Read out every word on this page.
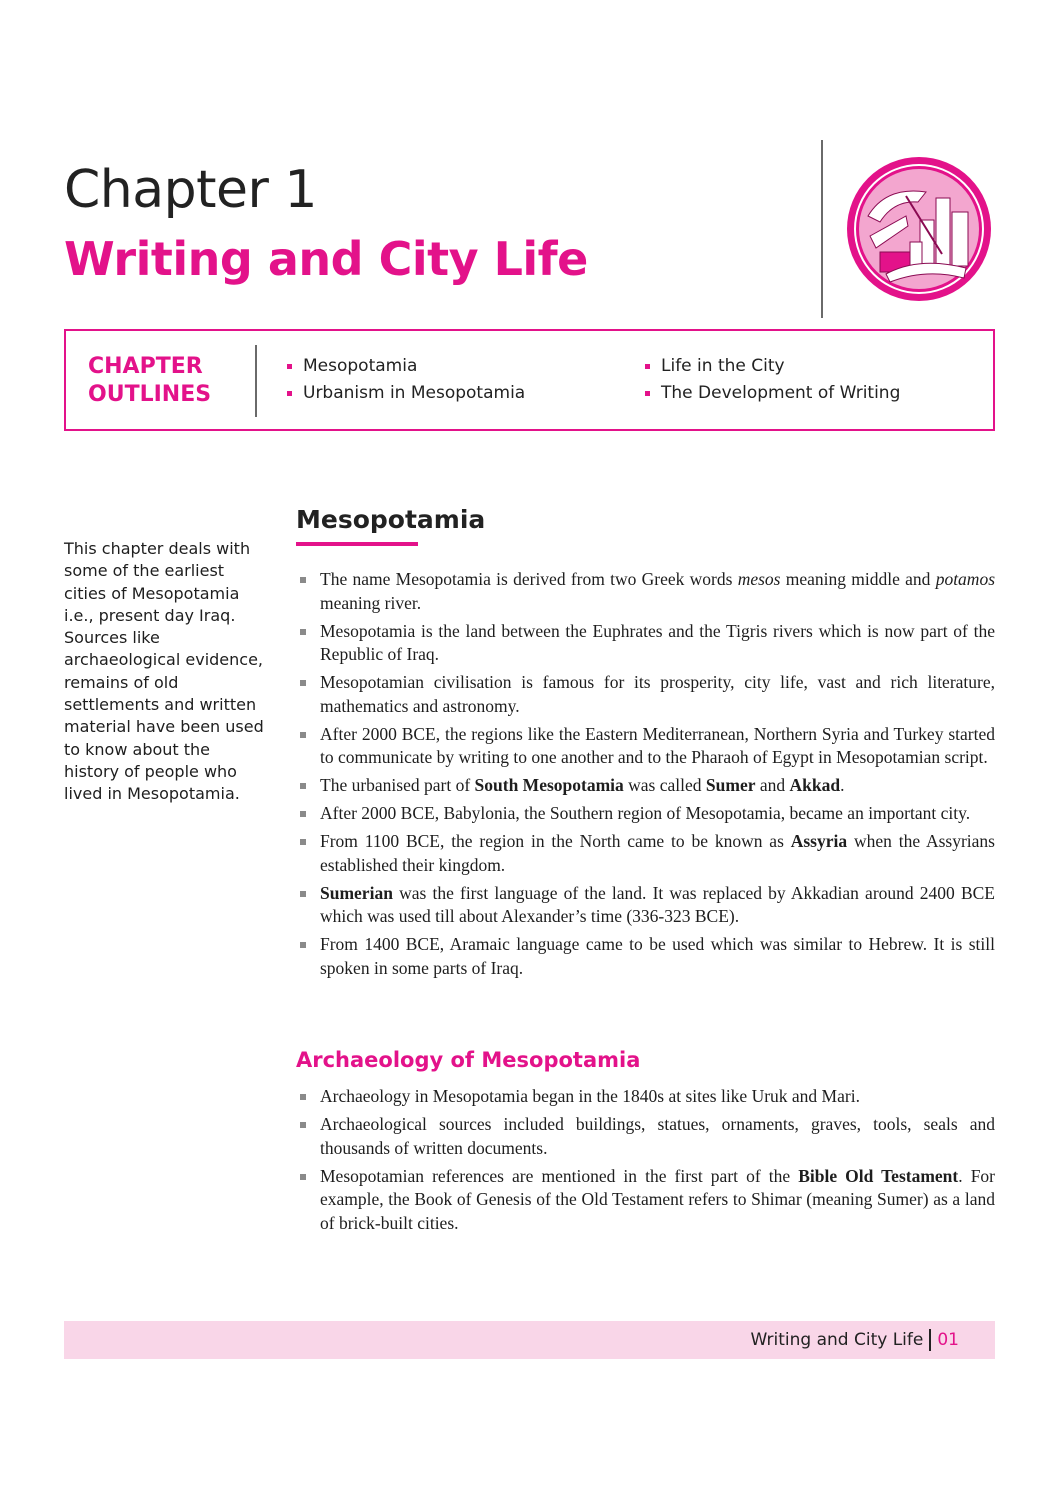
Chapter 1
Writing and City Life
CHAPTER
OUTLINES
Mesopotamia
Urbanism in Mesopotamia
Life in the City
The Development of Writing
This chapter deals with some of the earliest cities of Mesopotamia i.e., present day Iraq. Sources like archaeological evidence, remains of old settlements and written material have been used to know about the history of people who lived in Mesopotamia.
Mesopotamia
The name Mesopotamia is derived from two Greek words mesos meaning middle and potamos meaning river.
Mesopotamia is the land between the Euphrates and the Tigris rivers which is now part of the Republic of Iraq.
Mesopotamian civilisation is famous for its prosperity, city life, vast and rich literature, mathematics and astronomy.
After 2000 BCE, the regions like the Eastern Mediterranean, Northern Syria and Turkey started to communicate by writing to one another and to the Pharaoh of Egypt in Mesopotamian script.
The urbanised part of South Mesopotamia was called Sumer and Akkad.
After 2000 BCE, Babylonia, the Southern region of Mesopotamia, became an important city.
From 1100 BCE, the region in the North came to be known as Assyria when the Assyrians established their kingdom.
Sumerian was the first language of the land. It was replaced by Akkadian around 2400 BCE which was used till about Alexander’s time (336-323 BCE).
From 1400 BCE, Aramaic language came to be used which was similar to Hebrew. It is still spoken in some parts of Iraq.
Archaeology of Mesopotamia
Archaeology in Mesopotamia began in the 1840s at sites like Uruk and Mari.
Archaeological sources included buildings, statues, ornaments, graves, tools, seals and thousands of written documents.
Mesopotamian references are mentioned in the first part of the Bible Old Testament. For example, the Book of Genesis of the Old Testament refers to Shimar (meaning Sumer) as a land of brick-built cities.
Writing and City Life 01
